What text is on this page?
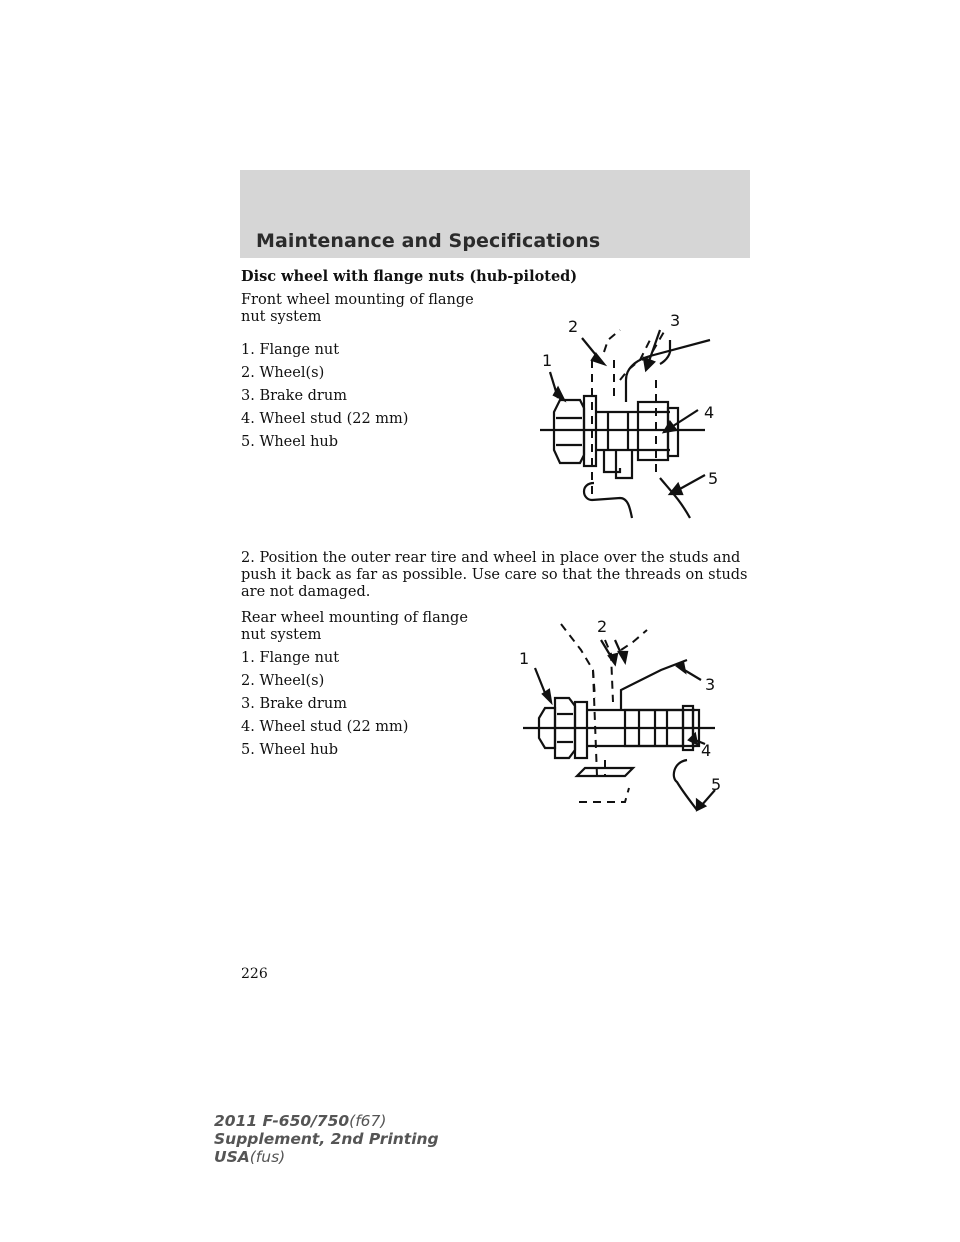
Maintenance and Specifications
Disc wheel with flange nuts (hub-piloted)
Front wheel mounting of flange nut system

1. Flange nut

2. Wheel(s)

3. Brake drum

4. Wheel stud (22 mm)

5. Wheel hub

1
2	3
4
5
2. Position the outer rear tire and wheel in place over the studs and push it back as far as possible. Use care so that the threads on studs are not damaged.
Rear wheel mounting of flange nut system

1. Flange nut

2. Wheel(s)

3. Brake drum

4. Wheel stud (22 mm)

5. Wheel hub

1
2
3
4
5
226
2011 F-650/750(f67)
Supplement, 2nd Printing
USA(fus)
